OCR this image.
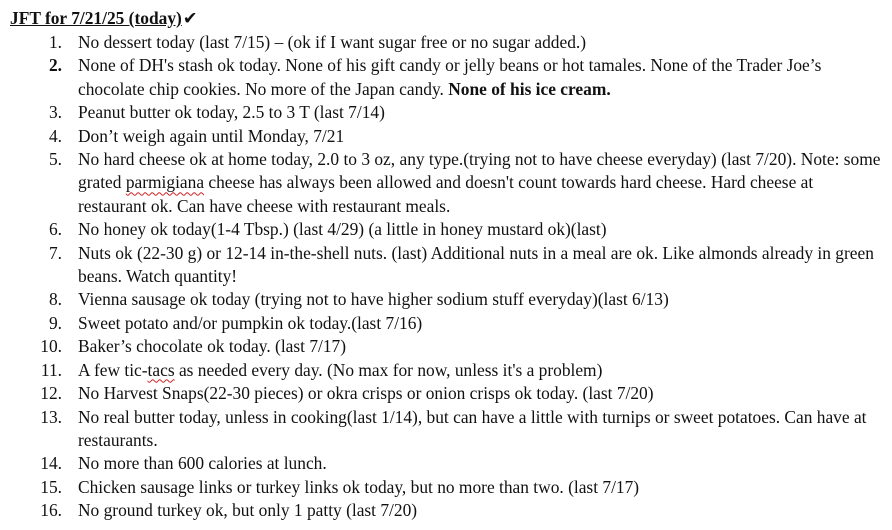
JFT for 7/21/25 (today)✔
1. No dessert today (last 7/15) – (ok if I want sugar free or no sugar added.)
2. None of DH's stash ok today. None of his gift candy or jelly beans or hot tamales. None of the Trader Joe’s chocolate chip cookies. No more of the Japan candy. None of his ice cream.
3. Peanut butter ok today, 2.5 to 3 T (last 7/14)
4. Don’t weigh again until Monday, 7/21
5. No hard cheese ok at home today, 2.0 to 3 oz, any type.(trying not to have cheese everyday) (last 7/20). Note: some grated parmigiana cheese has always been allowed and doesn't count towards hard cheese. Hard cheese at restaurant ok. Can have cheese with restaurant meals.
6. No honey ok today(1-4 Tbsp.) (last 4/29) (a little in honey mustard ok)(last)
7. Nuts ok (22-30 g) or 12-14 in-the-shell nuts. (last) Additional nuts in a meal are ok. Like almonds already in green beans. Watch quantity!
8. Vienna sausage ok today (trying not to have higher sodium stuff everyday)(last 6/13)
9. Sweet potato and/or pumpkin ok today.(last 7/16)
10. Baker’s chocolate ok today. (last 7/17)
11. A few tic-tacs as needed every day. (No max for now, unless it's a problem)
12. No Harvest Snaps(22-30 pieces) or okra crisps or onion crisps ok today. (last 7/20)
13. No real butter today, unless in cooking(last 1/14), but can have a little with turnips or sweet potatoes. Can have at restaurants.
14. No more than 600 calories at lunch.
15. Chicken sausage links or turkey links ok today, but no more than two. (last 7/17)
16. No ground turkey ok, but only 1 patty (last 7/20)
